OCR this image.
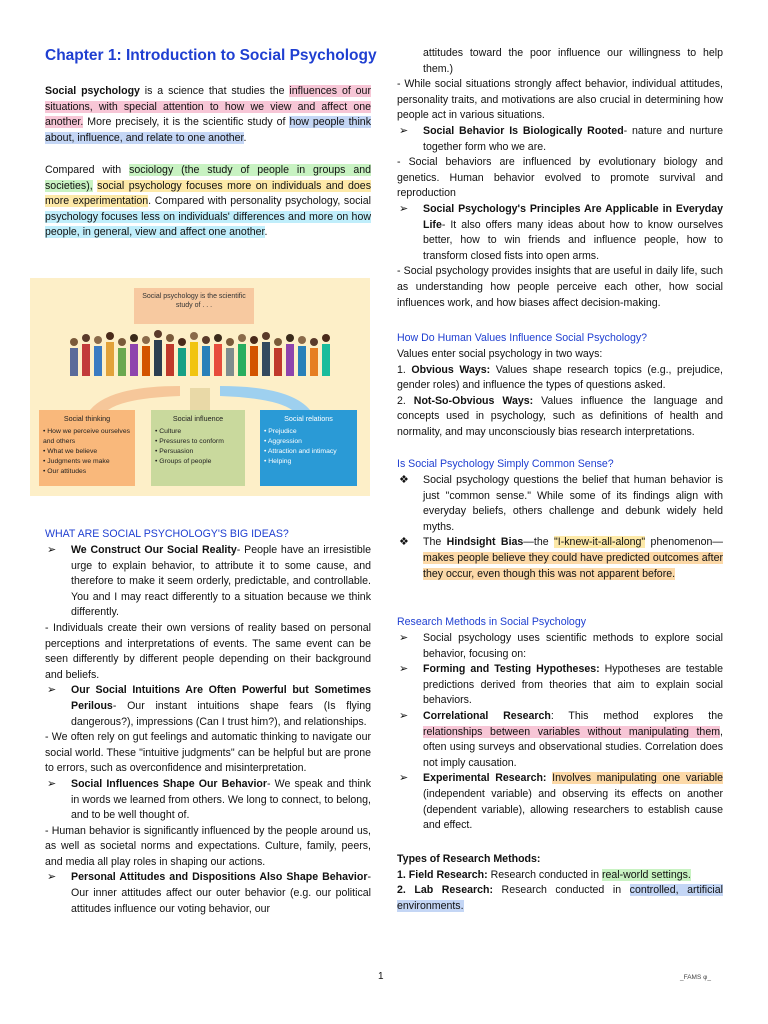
Chapter 1: Introduction to Social Psychology

Social psychology is a science that studies the influences of our situations, with special attention to how we view and affect one another. More precisely, it is the scientific study of how people think about, influence, and relate to one another.

Compared with sociology (the study of people in groups and societies), social psychology focuses more on individuals and does more experimentation. Compared with personality psychology, social psychology focuses less on individuals' differences and more on how people, in general, view and affect one another.

Social psychology is the scientific study of . . .
Social thinking
• How we perceive ourselves and others
• What we believe
• Judgments we make
• Our attitudes
Social influence
• Culture
• Pressures to conform
• Persuasion
• Groups of people
Social relations
• Prejudice
• Aggression
• Attraction and intimacy
• Helping
WHAT ARE SOCIAL PSYCHOLOGY'S BIG IDEAS?
➢ We Construct Our Social Reality- People have an irresistible urge to explain behavior, to attribute it to some cause, and therefore to make it seem orderly, predictable, and controllable. You and I may react differently to a situation because we think differently.

- Individuals create their own versions of reality based on personal perceptions and interpretations of events. The same event can be seen differently by different people depending on their background and beliefs.

➢ Our Social Intuitions Are Often Powerful but Sometimes Perilous- Our instant intuitions shape fears (Is flying dangerous?), impressions (Can I trust him?), and relationships.

- We often rely on gut feelings and automatic thinking to navigate our social world. These "intuitive judgments" can be helpful but are prone to errors, such as overconfidence and misinterpretation.

➢ Social Influences Shape Our Behavior- We speak and think in words we learned from others. We long to connect, to belong, and to be well thought of.

- Human behavior is significantly influenced by the people around us, as well as societal norms and expectations. Culture, family, peers, and media all play roles in shaping our actions.

➢ Personal Attitudes and Dispositions Also Shape Behavior- Our inner attitudes affect our outer behavior (e.g. our political attitudes influence our voting behavior, our
attitudes toward the poor influence our willingness to help them.)

- While social situations strongly affect behavior, individual attitudes, personality traits, and motivations are also crucial in determining how people act in various situations.

➢ Social Behavior Is Biologically Rooted- nature and nurture together form who we are.

- Social behaviors are influenced by evolutionary biology and genetics. Human behavior evolved to promote survival and reproduction

➢ Social Psychology's Principles Are Applicable in Everyday Life- It also offers many ideas about how to know ourselves better, how to win friends and influence people, how to transform closed fists into open arms.

- Social psychology provides insights that are useful in daily life, such as understanding how people perceive each other, how social influences work, and how biases affect decision-making.

How Do Human Values Influence Social Psychology?

Values enter social psychology in two ways:

1. Obvious Ways: Values shape research topics (e.g., prejudice, gender roles) and influence the types of questions asked.

2. Not-So-Obvious Ways: Values influence the language and concepts used in psychology, such as definitions of health and normality, and may unconsciously bias research interpretations.

Is Social Psychology Simply Common Sense?
❖ Social psychology questions the belief that human behavior is just "common sense." While some of its findings align with everyday beliefs, others challenge and debunk widely held myths.
❖ The Hindsight Bias—the "I-knew-it-all-along" phenomenon—makes people believe they could have predicted outcomes after they occur, even though this was not apparent before.
Research Methods in Social Psychology
➢ Social psychology uses scientific methods to explore social behavior, focusing on:
➢ Forming and Testing Hypotheses: Hypotheses are testable predictions derived from theories that aim to explain social behaviors.
➢ Correlational Research: This method explores the relationships between variables without manipulating them, often using surveys and observational studies. Correlation does not imply causation.
➢ Experimental Research: Involves manipulating one variable (independent variable) and observing its effects on another (dependent variable), allowing researchers to establish cause and effect.

Types of Research Methods:

1. Field Research: Research conducted in real-world settings.

2. Lab Research: Research conducted in controlled, artificial environments.

1	_FAMS φ_
